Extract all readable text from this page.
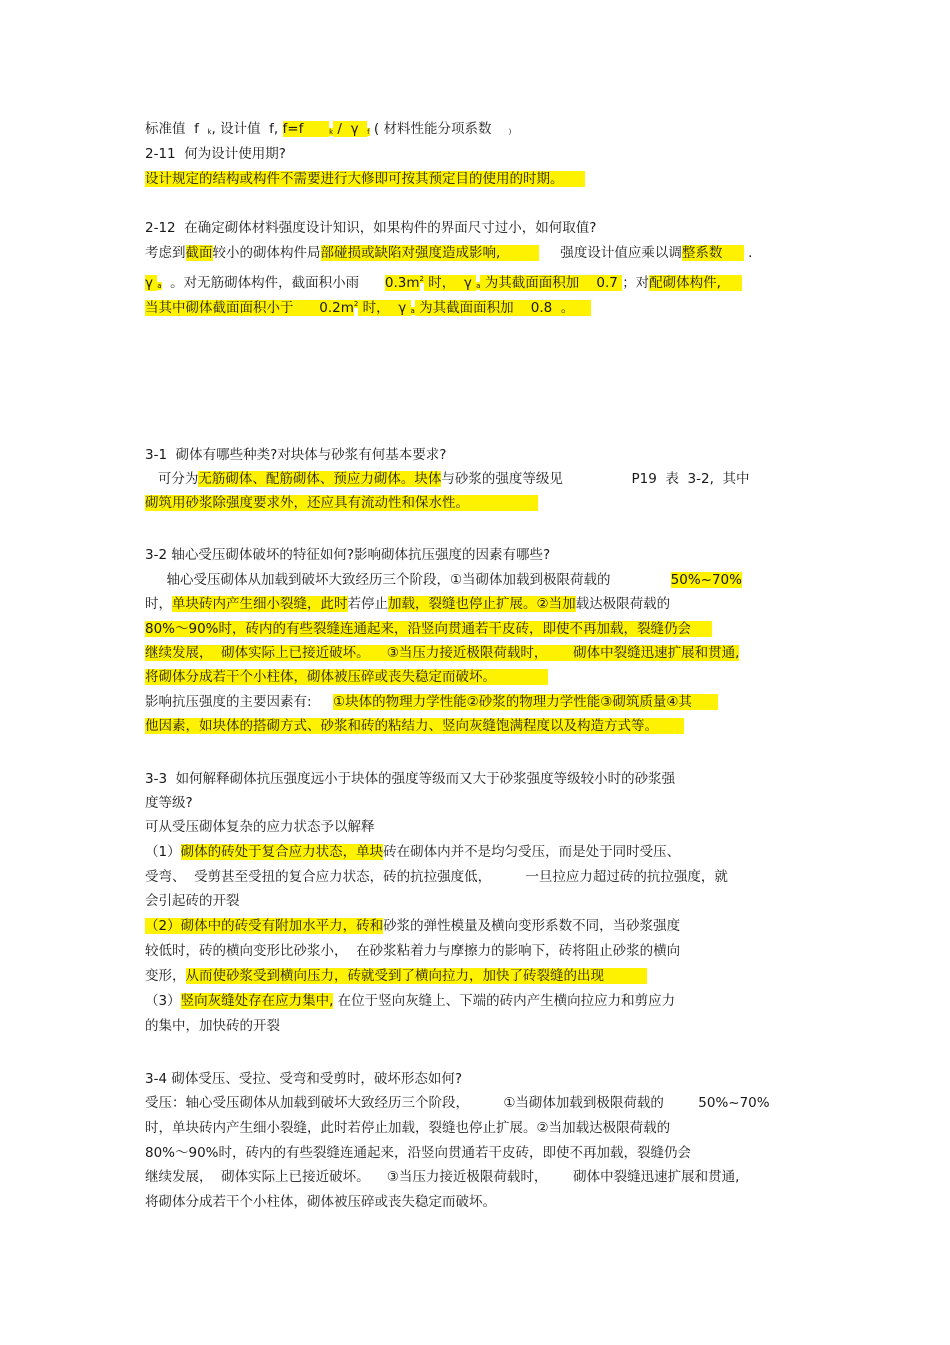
标准值  f  k, 设计值  f, f=f      k /  γ  f ( 材料性能分项系数    )
2-11  何为设计使用期?
设计规定的结构或构件不需要进行大修即可按其预定目的使用的时期。
2-12  在确定砌体材料强度设计知识，如果构件的界面尺寸过小，如何取值?
考虑到截面较小的砌体构件局部碰损或缺陷对强度造成影响,              强度设计值应乘以调整系数      .
γ a  。对无筋砌体构件，截面积小雨      $0.3m^2$ 时，  γ a 为其截面面积加    0.7 ；对配砌体构件,
当其中砌体截面面积小于      $0.2m^2$ 时，  γ a 为其截面面积加    0.8  。
3-1  砌体有哪些种类?对块体与砂浆有何基本要求?
可分为无筋砌体、配筋砌体、预应力砌体。块体与砂浆的强度等级见                P19  表  3-2,  其中
砌筑用砂浆除强度要求外，还应具有流动性和保水性。
3-2 轴心受压砌体破坏的特征如何?影响砌体抗压强度的因素有哪些?
轴心受压砌体从加载到破坏大致经历三个阶段，①当砌体加载到极限荷载的              50%~70%
时，单块砖内产生细小裂缝，此时若停止加载，裂缝也停止扩展。②当加载达极限荷载的
80%～90%时，砖内的有些裂缝连通起来，沿竖向贯通若干皮砖，即使不再加载，裂缝仍会
继续发展，  砌体实际上已接近破坏。    ③当压力接近极限荷载时，      砌体中裂缝迅速扩展和贯通,
将砌体分成若干个小柱体，砌体被压碎或丧失稳定而破坏。
影响抗压强度的主要因素有:     ①块体的物理力学性能②砂浆的物理力学性能③砌筑质量④其
他因素，如块体的搭砌方式、砂浆和砖的粘结力、竖向灰缝饱满程度以及构造方式等。
3-3  如何解释砌体抗压强度远小于块体的强度等级而又大于砂浆强度等级较小时的砂浆强
度等级?
可从受压砌体复杂的应力状态予以解释
（1）砌体的砖处于复合应力状态，单块砖在砌体内并不是均匀受压，而是处于同时受压、
受弯、  受剪甚至受扭的复合应力状态，砖的抗拉强度低，        一旦拉应力超过砖的抗拉强度，就
会引起砖的开裂
（2）砌体中的砖受有附加水平力，砖和砂浆的弹性模量及横向变形系数不同，当砂浆强度
较低时，砖的横向变形比砂浆小，  在砂浆粘着力与摩擦力的影响下，砖将阻止砂浆的横向
变形，从而使砂浆受到横向压力，砖就受到了横向拉力，加快了砖裂缝的出现
（3）竖向灰缝处存在应力集中, 在位于竖向灰缝上、下端的砖内产生横向拉应力和剪应力
的集中，加快砖的开裂
3-4 砌体受压、受拉、受弯和受剪时，破坏形态如何?
受压：轴心受压砌体从加载到破坏大致经历三个阶段，        ①当砌体加载到极限荷载的        50%~70%
时，单块砖内产生细小裂缝，此时若停止加载，裂缝也停止扩展。②当加载达极限荷载的
80%～90%时，砖内的有些裂缝连通起来，沿竖向贯通若干皮砖，即使不再加载，裂缝仍会
继续发展，  砌体实际上已接近破坏。    ③当压力接近极限荷载时，      砌体中裂缝迅速扩展和贯通,
将砌体分成若干个小柱体，砌体被压碎或丧失稳定而破坏。
